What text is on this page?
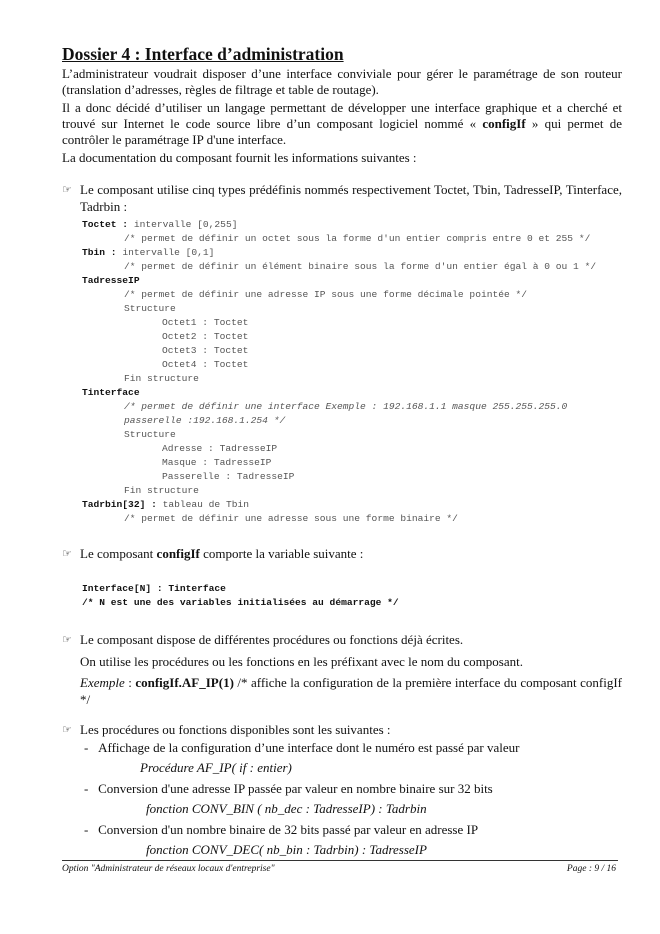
Dossier 4 : Interface d’administration
L’administrateur voudrait disposer d’une interface conviviale pour gérer le paramétrage de son routeur (translation d’adresses, règles de filtrage et table de routage).
Il a donc décidé d’utiliser un langage permettant de développer une interface graphique et a cherché et trouvé sur Internet le code source libre d’un composant logiciel nommé « configIf » qui permet de contrôler le paramétrage IP d'une interface.
La documentation du composant fournit les informations suivantes :
☞ Le composant utilise cinq types prédéfinis nommés respectivement Toctet, Tbin, TadresseIP, Tinterface, Tadrbin :
Toctet : intervalle [0,255]
/* permet de définir un octet sous la forme d'un entier compris entre 0 et 255 */
Tbin : intervalle [0,1]
/* permet de définir un élément binaire sous la forme d'un entier égal à 0 ou 1 */
TadresseIP
/* permet de définir une adresse IP sous une forme décimale pointée */
Structure
Octet1 : Toctet
Octet2 : Toctet
Octet3 : Toctet
Octet4 : Toctet
Fin structure
Tinterface
/* permet de définir une interface Exemple : 192.168.1.1 masque 255.255.255.0
passerelle :192.168.1.254 */
Structure
Adresse : TadresseIP
Masque : TadresseIP
Passerelle : TadresseIP
Fin structure
Tadrbin[32] : tableau de Tbin
/* permet de définir une adresse sous une forme binaire */
☞ Le composant configIf comporte la variable suivante :
Interface[N] : Tinterface
/* N est une des variables initialisées au démarrage */
☞ Le composant dispose de différentes procédures ou fonctions déjà écrites.
On utilise les procédures ou les fonctions en les préfixant avec le nom du composant.
Exemple : configIf.AF_IP(1) /* affiche la configuration de la première interface du composant configIf */
☞ Les procédures ou fonctions disponibles sont les suivantes :
-   Affichage de la configuration d’une interface dont le numéro est passé par valeur
Procédure AF_IP( if : entier)
-   Conversion d'une adresse IP passée par valeur en nombre binaire sur 32 bits
fonction CONV_BIN ( nb_dec : TadresseIP) : Tadrbin
-   Conversion d'un nombre binaire de 32 bits passé par valeur en adresse IP
fonction CONV_DEC( nb_bin : Tadrbin) : TadresseIP
Option "Administrateur de réseaux locaux d'entreprise"	Page : 9 / 16
